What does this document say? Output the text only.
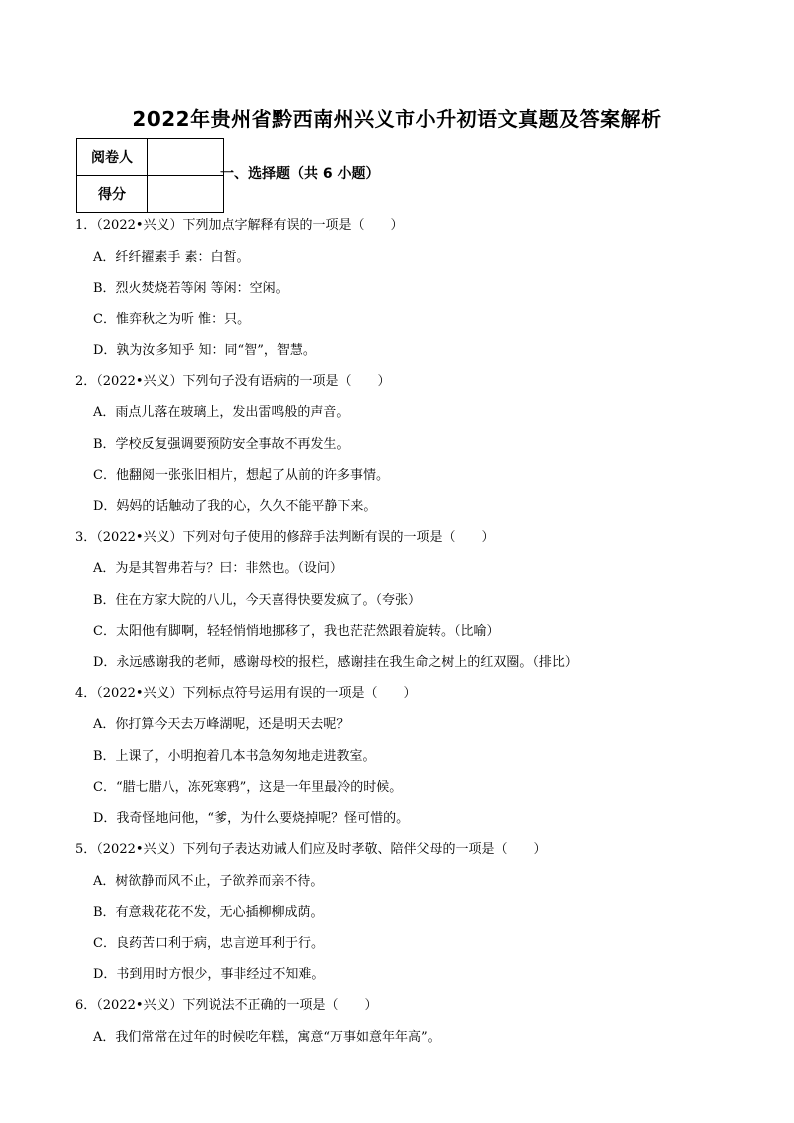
2022年贵州省黔西南州兴义市小升初语文真题及答案解析
阅卷人	
得分	
一、选择题（共 6 小题）
1．（2022•兴义）下列加点字解释有误的一项是（　　）
A．纤纤擢素手 素：白皙。
B．烈火焚烧若等闲 等闲：空闲。
C．惟弈秋之为听 惟：只。
D．孰为汝多知乎 知：同“智”，智慧。
2．（2022•兴义）下列句子没有语病的一项是（　　）
A．雨点儿落在玻璃上，发出雷鸣般的声音。
B．学校反复强调要预防安全事故不再发生。
C．他翻阅一张张旧相片，想起了从前的许多事情。
D．妈妈的话触动了我的心，久久不能平静下来。
3．（2022•兴义）下列对句子使用的修辞手法判断有误的一项是（　　）
A．为是其智弗若与？曰：非然也。（设问）
B．住在方家大院的八儿，今天喜得快要发疯了。（夸张）
C．太阳他有脚啊，轻轻悄悄地挪移了，我也茫茫然跟着旋转。（比喻）
D．永远感谢我的老师，感谢母校的报栏，感谢挂在我生命之树上的红双圈。（排比）
4．（2022•兴义）下列标点符号运用有误的一项是（　　）
A．你打算今天去万峰湖呢，还是明天去呢？
B．上课了，小明抱着几本书急匆匆地走进教室。
C．“腊七腊八，冻死寒鸦”，这是一年里最冷的时候。
D．我奇怪地问他，“爹，为什么要烧掉呢？怪可惜的。
5．（2022•兴义）下列句子表达劝诫人们应及时孝敬、陪伴父母的一项是（　　）
A．树欲静而风不止，子欲养而亲不待。
B．有意栽花花不发，无心插柳柳成荫。
C．良药苦口利于病，忠言逆耳利于行。
D．书到用时方恨少，事非经过不知难。
6．（2022•兴义）下列说法不正确的一项是（　　）
A．我们常常在过年的时候吃年糕，寓意“万事如意年年高”。
